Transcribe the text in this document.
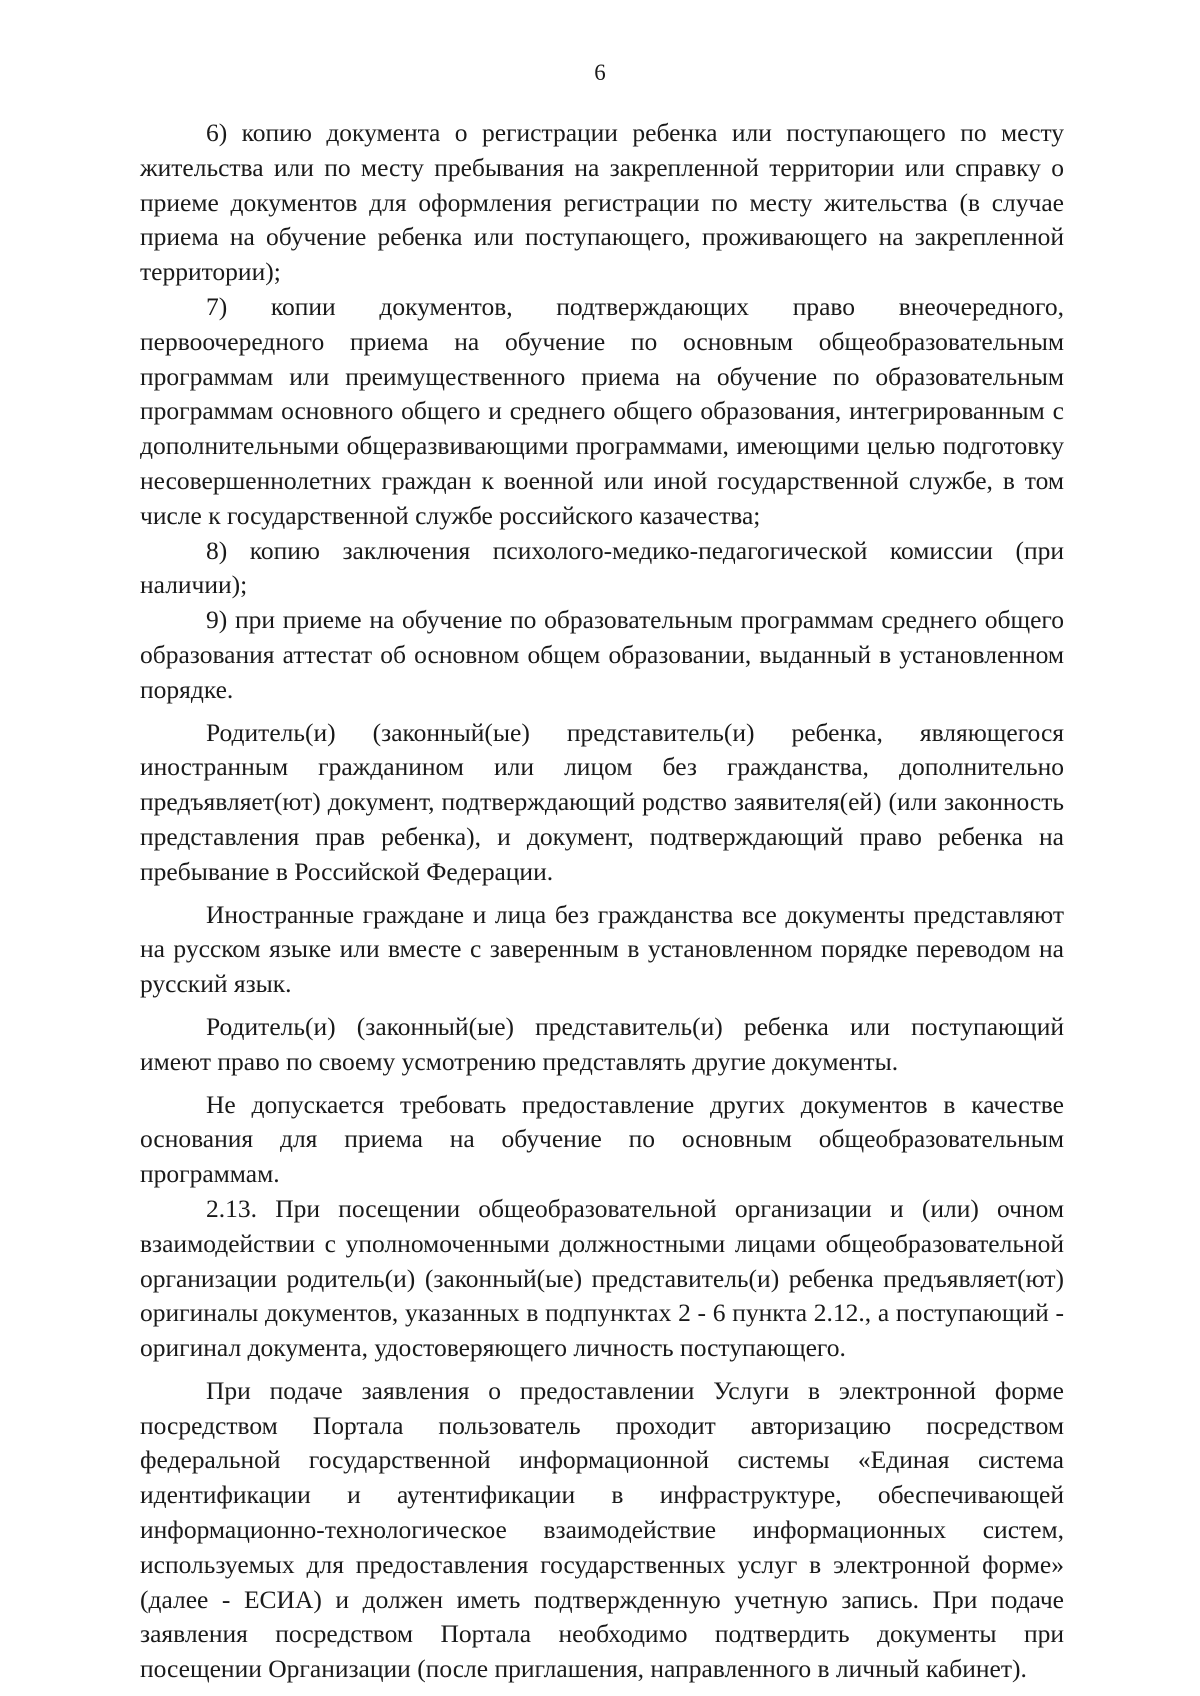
6

6) копию документа о регистрации ребенка или поступающего по месту жительства или по месту пребывания на закрепленной территории или справку о приеме документов для оформления регистрации по месту жительства (в случае приема на обучение ребенка или поступающего, проживающего на закрепленной территории);

7) копии документов, подтверждающих право внеочередного, первоочередного приема на обучение по основным общеобразовательным программам или преимущественного приема на обучение по образовательным программам основного общего и среднего общего образования, интегрированным с дополнительными общеразвивающими программами, имеющими целью подготовку несовершеннолетних граждан к военной или иной государственной службе, в том числе к государственной службе российского казачества;

8) копию заключения психолого-медико-педагогической комиссии (при наличии);

9) при приеме на обучение по образовательным программам среднего общего образования аттестат об основном общем образовании, выданный в установленном порядке.

Родитель(и) (законный(ые) представитель(и) ребенка, являющегося иностранным гражданином или лицом без гражданства, дополнительно предъявляет(ют) документ, подтверждающий родство заявителя(ей) (или законность представления прав ребенка), и документ, подтверждающий право ребенка на пребывание в Российской Федерации.

Иностранные граждане и лица без гражданства все документы представляют на русском языке или вместе с заверенным в установленном порядке переводом на русский язык.

Родитель(и) (законный(ые) представитель(и) ребенка или поступающий имеют право по своему усмотрению представлять другие документы.

Не допускается требовать предоставление других документов в качестве основания для приема на обучение по основным общеобразовательным программам.

2.13. При посещении общеобразовательной организации и (или) очном взаимодействии с уполномоченными должностными лицами общеобразовательной организации родитель(и) (законный(ые) представитель(и) ребенка предъявляет(ют) оригиналы документов, указанных в подпунктах 2 - 6 пункта 2.12., а поступающий - оригинал документа, удостоверяющего личность поступающего.

При подаче заявления о предоставлении Услуги в электронной форме посредством Портала пользователь проходит авторизацию посредством федеральной государственной информационной системы «Единая система идентификации и аутентификации в инфраструктуре, обеспечивающей информационно-технологическое взаимодействие информационных систем, используемых для предоставления государственных услуг в электронной форме» (далее - ЕСИА) и должен иметь подтвержденную учетную запись. При подаче заявления посредством Портала необходимо подтвердить документы при посещении Организации (после приглашения, направленного в личный кабинет).
